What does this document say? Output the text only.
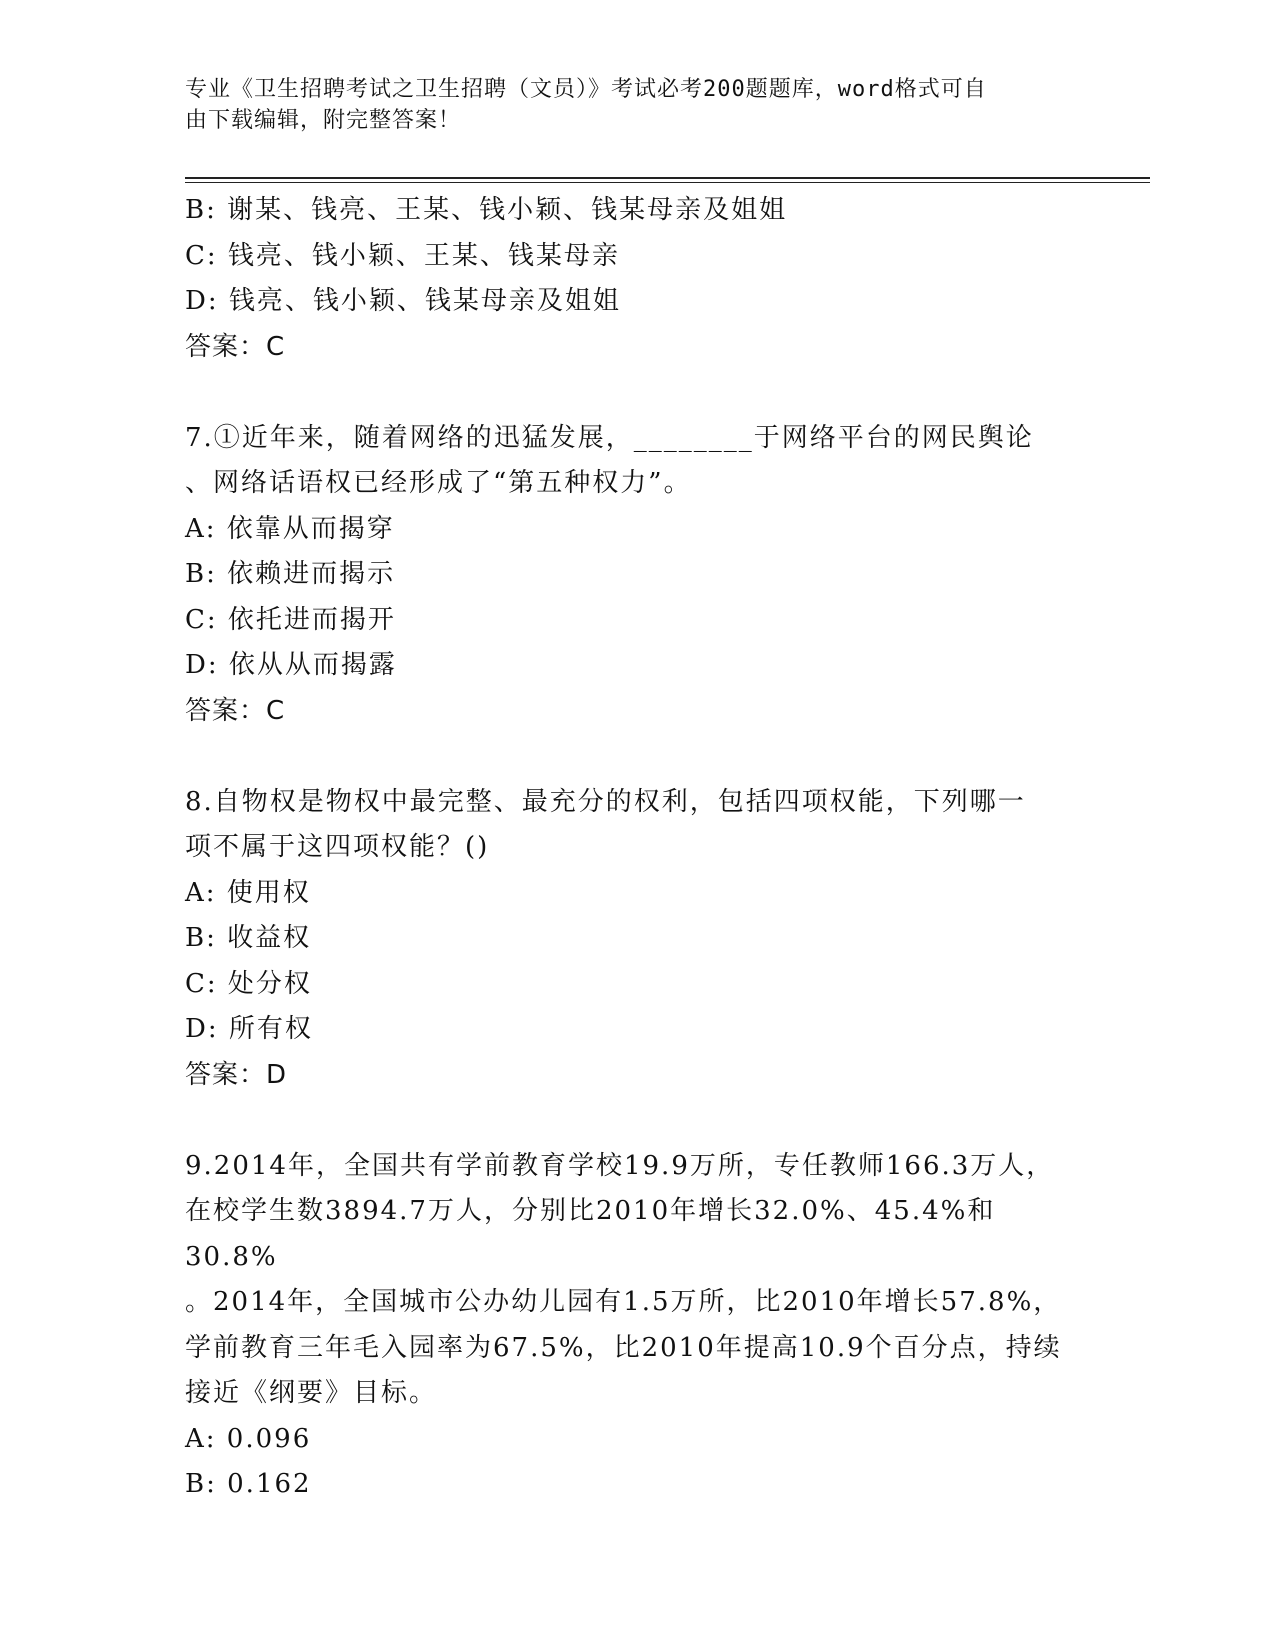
专业《卫生招聘考试之卫生招聘（文员）》考试必考200题题库，word格式可自
由下载编辑，附完整答案！
B: 谢某、钱亮、王某、钱小颖、钱某母亲及姐姐
C: 钱亮、钱小颖、王某、钱某母亲
D: 钱亮、钱小颖、钱某母亲及姐姐
答案：C
7.①近年来，随着网络的迅猛发展，________于网络平台的网民舆论
、网络话语权已经形成了“第五种权力”。
A: 依靠从而揭穿
B: 依赖进而揭示
C: 依托进而揭开
D: 依从从而揭露
答案：C
8.自物权是物权中最完整、最充分的权利，包括四项权能，下列哪一
项不属于这四项权能？()
A: 使用权
B: 收益权
C: 处分权
D: 所有权
答案：D
9.2014年，全国共有学前教育学校19.9万所，专任教师166.3万人，
在校学生数3894.7万人，分别比2010年增长32.0%、45.4%和30.8%
。2014年，全国城市公办幼儿园有1.5万所，比2010年增长57.8%，
学前教育三年毛入园率为67.5%，比2010年提高10.9个百分点，持续
接近《纲要》目标。
A: 0.096
B: 0.162
